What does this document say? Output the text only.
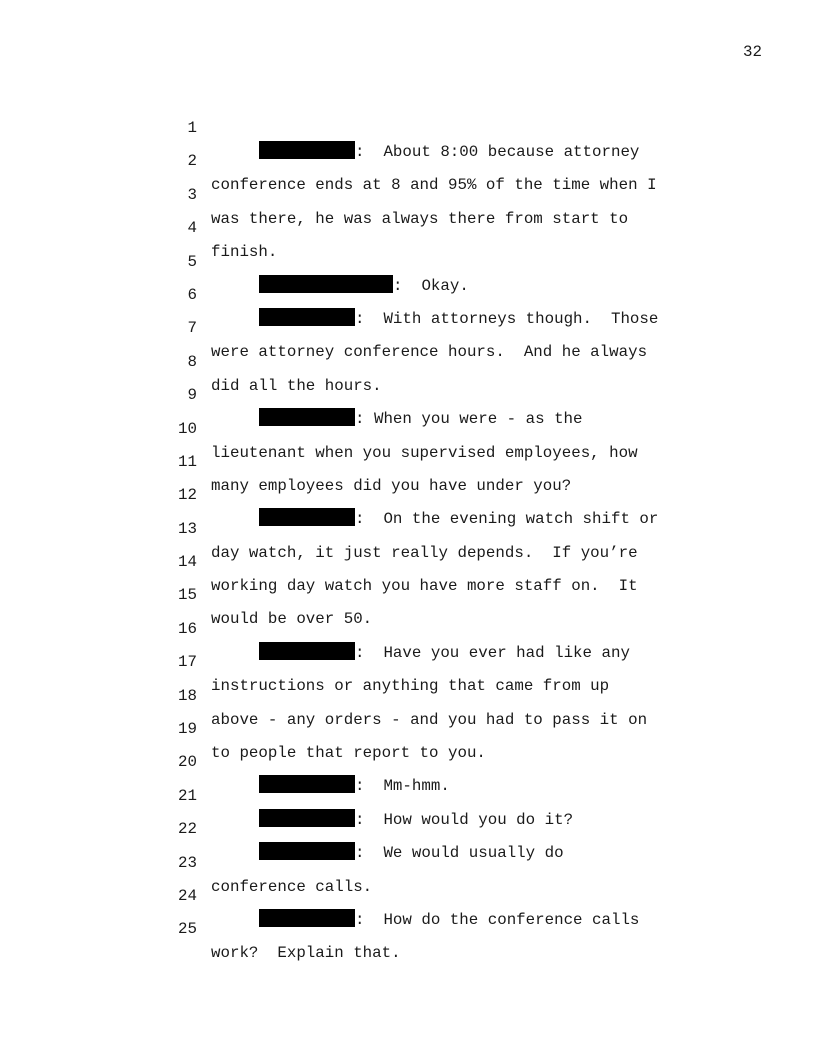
32

1

:  About 8:00 because attorney

2

conference ends at 8 and 95% of the time when I

3

was there, he was always there from start to

4

finish.

5

:  Okay.

6

:  With attorneys though.  Those

7

were attorney conference hours.  And he always

8

did all the hours.

9

: When you were - as the

10

lieutenant when you supervised employees, how

11

many employees did you have under you?

12

:  On the evening watch shift or

13

day watch, it just really depends.  If you’re

14

working day watch you have more staff on.  It

15

would be over 50.

16

:  Have you ever had like any

17

instructions or anything that came from up

18

above - any orders - and you had to pass it on

19

to people that report to you.

20

:  Mm-hmm.

21

:  How would you do it?

22

:  We would usually do

23

conference calls.

24

:  How do the conference calls

25

work?  Explain that.
